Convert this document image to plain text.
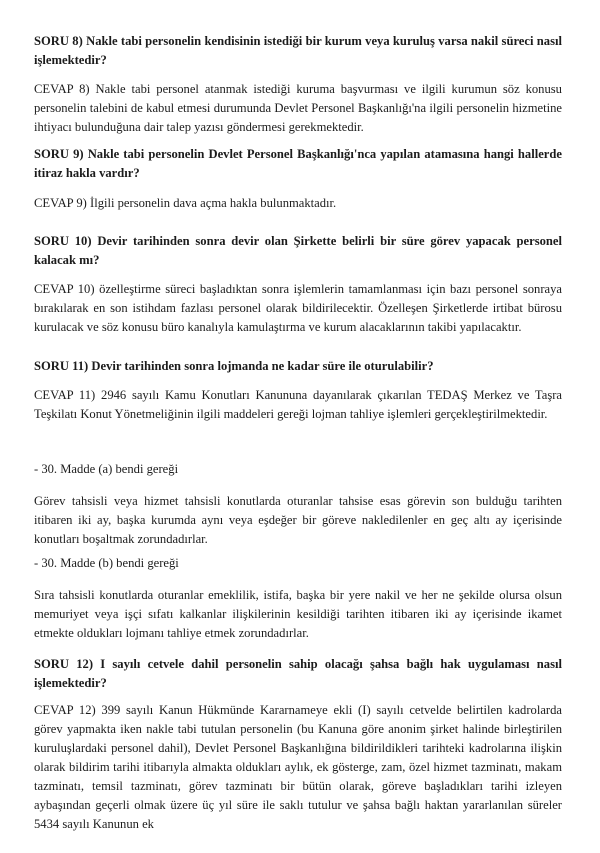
SORU 8) Nakle tabi personelin kendisinin istediği bir kurum veya kuruluş varsa nakil süreci nasıl işlemektedir?

CEVAP 8) Nakle tabi personel atanmak istediği kuruma başvurması ve ilgili kurumun söz konusu personelin talebini de kabul etmesi durumunda Devlet Personel Başkanlığı'na ilgili personelin hizmetine ihtiyacı bulunduğuna dair talep yazısı göndermesi gerekmektedir.

SORU 9) Nakle tabi personelin Devlet Personel Başkanlığı'nca yapılan atamasına hangi hallerde itiraz hakla vardır?

CEVAP 9) İlgili personelin dava açma hakla bulunmaktadır.

SORU 10) Devir tarihinden sonra devir olan Şirkette belirli bir süre görev yapacak personel kalacak mı?

CEVAP 10) özelleştirme süreci başladıktan sonra işlemlerin tamamlanması için bazı personel sonraya bırakılarak en son istihdam fazlası personel olarak bildirilecektir. Özelleşen Şirketlerde irtibat bürosu kurulacak ve söz konusu büro kanalıyla kamulaştırma ve kurum alacaklarının takibi yapılacaktır.

SORU 11) Devir tarihinden sonra lojmanda ne kadar süre ile oturulabilir?

CEVAP 11) 2946 sayılı Kamu Konutları Kanununa dayanılarak çıkarılan TEDAŞ Merkez ve Taşra Teşkilatı Konut Yönetmeliğinin ilgili maddeleri gereği lojman tahliye işlemleri gerçekleştirilmektedir.

- 30. Madde (a) bendi gereği

Görev tahsisli veya hizmet tahsisli konutlarda oturanlar tahsise esas görevin son bulduğu tarihten itibaren iki ay, başka kurumda aynı veya eşdeğer bir göreve nakledilenler en geç altı ay içerisinde konutları boşaltmak zorundadırlar.

- 30. Madde (b) bendi gereği

Sıra tahsisli konutlarda oturanlar emeklilik, istifa, başka bir yere nakil ve her ne şekilde olursa olsun memuriyet veya işçi sıfatı kalkanlar ilişkilerinin kesildiği tarihten itibaren iki ay içerisinde ikamet etmekte oldukları lojmanı tahliye etmek zorundadırlar.

SORU 12) I sayılı cetvele dahil personelin sahip olacağı şahsa bağlı hak uygulaması nasıl işlemektedir?

CEVAP 12) 399 sayılı Kanun Hükmünde Kararnameye ekli (I) sayılı cetvelde belirtilen kadrolarda görev yapmakta iken nakle tabi tutulan personelin (bu Kanuna göre anonim şirket halinde birleştirilen kuruluşlardaki personel dahil), Devlet Personel Başkanlığına bildirildikleri tarihteki kadrolarına ilişkin olarak bildirim tarihi itibarıyla almakta oldukları aylık, ek gösterge, zam, özel hizmet tazminatı, makam tazminatı, temsil tazminatı, görev tazminatı bir bütün olarak, göreve başladıkları tarihi izleyen aybaşından geçerli olmak üzere üç yıl süre ile saklı tutulur ve şahsa bağlı haktan yararlanılan süreler 5434 sayılı Kanunun ek
